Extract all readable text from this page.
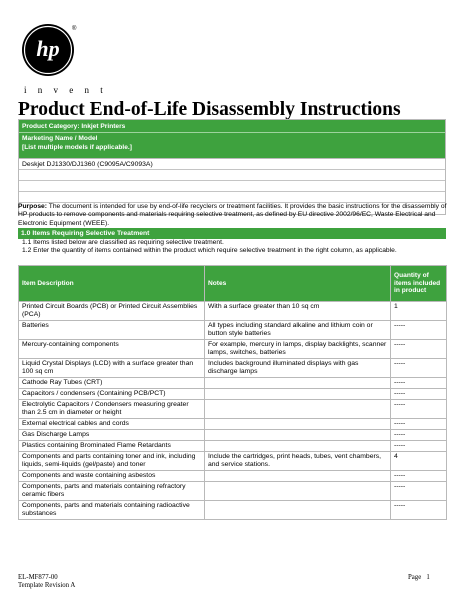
hp
®
i n v e n t
Product End-of-Life Disassembly Instructions
Product Category: Inkjet Printers
Marketing Name / Model
[List multiple models if applicable.]
Deskjet DJ1330/DJ1360 (C9095A/C9093A)
Purpose: The document is intended for use by end-of-life recyclers or treatment facilities. It provides the basic instructions for the disassembly of HP products to remove components and materials requiring selective treatment, as defined by EU directive 2002/96/EC, Waste Electrical and Electronic Equipment (WEEE).
1.0 Items Requiring Selective Treatment
1.1 Items listed below are classified as requiring selective treatment.
1.2 Enter the quantity of items contained within the product which require selective treatment in the right column, as applicable.
Item Description	Notes	Quantity of items included in product
Printed Circuit Boards (PCB) or Printed Circuit Assemblies (PCA)	With a surface greater than 10 sq cm	1
Batteries	All types including standard alkaline and lithium coin or button style batteries	-----
Mercury-containing components	For example, mercury in lamps, display backlights, scanner lamps, switches, batteries	-----
Liquid Crystal Displays (LCD) with a surface greater than 100 sq cm	Includes background illuminated displays with gas discharge lamps	-----
Cathode Ray Tubes (CRT)		-----
Capacitors / condensers (Containing PCB/PCT)		-----
Electrolytic Capacitors / Condensers measuring greater than 2.5 cm in diameter or height		-----
External electrical cables and cords		-----
Gas Discharge Lamps		-----
Plastics containing Brominated Flame Retardants		-----
Components and parts containing toner and ink, including liquids, semi-liquids (gel/paste) and toner	Include the cartridges, print heads, tubes, vent chambers, and service stations.	4
Components and waste containing asbestos		-----
Components, parts and materials containing refractory ceramic fibers		-----
Components, parts and materials containing radioactive substances		-----
EL-MF877-00
Template Revision A
Page 1
